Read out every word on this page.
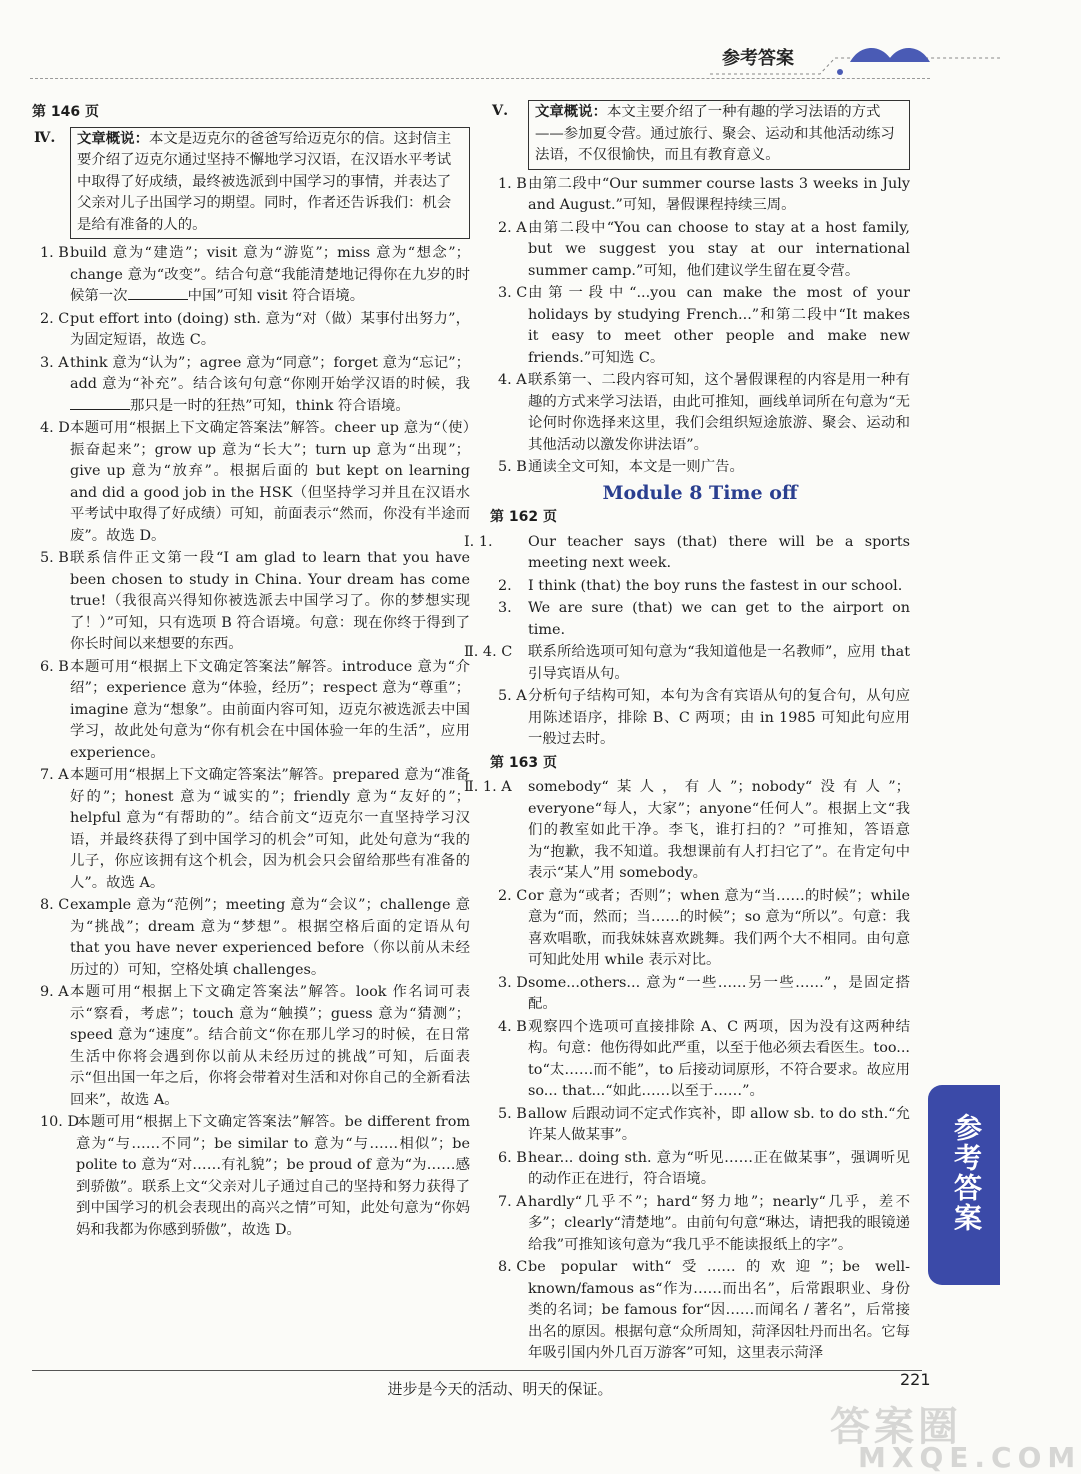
参考答案
第 146 页
Ⅳ.	文章概说：本文是迈克尔的爸爸写给迈克尔的信。这封信主要介绍了迈克尔通过坚持不懈地学习汉语，在汉语水平考试中取得了好成绩，最终被选派到中国学习的事情，并表达了父亲对儿子出国学习的期望。同时，作者还告诉我们：机会是给有准备的人的。
1. B build 意为“建造”；visit 意为“游览”；miss 意为“想念”；change 意为“改变”。结合句意“我能清楚地记得你在九岁的时候第一次	中国”可知 visit 符合语境。
2. C put effort into (doing) sth. 意为“对（做）某事付出努力”，为固定短语，故选 C。
3. A think 意为“认为”；agree 意为“同意”；forget 意为“忘记”；add 意为“补充”。结合该句句意“你刚开始学汉语的时候，我那只是一时的狂热”可知，think 符合语境。
4. D 本题可用“根据上下文确定答案法”解答。cheer up 意为“（使）振奋起来”；grow up 意为“长大”；turn up 意为“出现”；give up 意为“放弃”。根据后面的 but kept on learning and did a good job in the HSK（但坚持学习并且在汉语水平考试中取得了好成绩）可知，前面表示“然而，你没有半途而废”。故选 D。
5. B 联系信件正文第一段“I am glad to learn that you have been chosen to study in China. Your dream has come true!（我很高兴得知你被选派去中国学习了。你的梦想实现了！）”可知，只有选项 B 符合语境。句意：现在你终于得到了你长时间以来想要的东西。
6. B 本题可用“根据上下文确定答案法”解答。introduce 意为“介绍”；experience 意为“体验，经历”；respect 意为“尊重”；imagine 意为“想象”。由前面内容可知，迈克尔被选派去中国学习，故此处句意为“你有机会在中国体验一年的生活”，应用 experience。
7. A 本题可用“根据上下文确定答案法”解答。prepared 意为“准备好的”；honest 意为“诚实的”；friendly 意为“友好的”；helpful 意为“有帮助的”。结合前文“迈克尔一直坚持学习汉语，并最终获得了到中国学习的机会”可知，此处句意为“我的儿子，你应该拥有这个机会，因为机会只会留给那些有准备的人”。故选 A。
8. C example 意为“范例”；meeting 意为“会议”；challenge 意为“挑战”；dream 意为“梦想”。根据空格后面的定语从句 that you have never experienced before（你以前从未经历过的）可知，空格处填 challenges。
9. A 本题可用“根据上下文确定答案法”解答。look 作名词可表示“察看，考虑”；touch 意为“触摸”；guess 意为“猜测”；speed 意为“速度”。结合前文“你在那儿学习的时候，在日常生活中你将会遇到你以前从未经历过的挑战”可知，后面表示“但出国一年之后，你将会带着对生活和对你自己的全新看法回来”，故选 A。
10. D
本题可用“根据上下文确定答案法”解答。be different from 意为“与……不同”；be similar to 意为“与……相似”；be polite to 意为“对……有礼貌”；be proud of 意为“为……感到骄傲”。联系上文“父亲对儿子通过自己的坚持和努力获得了到中国学习的机会表现出的高兴之情”可知，此处句意为“你妈妈和我都为你感到骄傲”，故选 D。
Ⅴ.	文章概说：本文主要介绍了一种有趣的学习法语的方式——参加夏令营。通过旅行、聚会、运动和其他活动练习法语，不仅很愉快，而且有教育意义。
1. B 由第二段中“Our summer course lasts 3 weeks in July and August.”可知，暑假课程持续三周。
2. A 由第二段中“You can choose to stay at a host family, but we suggest you stay at our international summer camp.”可知，他们建议学生留在夏令营。
3. C 由第一段中“...you can make the most of your holidays by studying French...”和第二段中“It makes it easy to meet other people and make new friends.”可知选 C。
4. A 联系第一、二段内容可知，这个暑假课程的内容是用一种有趣的方式来学习法语，由此可推知，画线单词所在句意为“无论何时你选择来这里，我们会组织短途旅游、聚会、运动和其他活动以激发你讲法语”。
5. B 通读全文可知，本文是一则广告。
Module 8 Time off
第 162 页
Ⅰ. 1. Our teacher says (that) there will be a sports meeting next week.
2. I think (that) the boy runs the fastest in our school.
3. We are sure (that) we can get to the airport on time.
Ⅱ. 4. C 联系所给选项可知句意为“我知道他是一名教师”，应用 that 引导宾语从句。
5. A 分析句子结构可知，本句为含有宾语从句的复合句，从句应用陈述语序，排除 B、C 两项；由 in 1985 可知此句应用一般过去时。
第 163 页
Ⅱ. 1. A somebody“某人，有人”；nobody“没有人”；everyone“每人，大家”；anyone“任何人”。根据上文“我们的教室如此干净。李飞，谁打扫的？”可推知，答语意为“抱歉，我不知道。我想课前有人打扫它了”。在肯定句中表示“某人”用 somebody。
2. C or 意为“或者；否则”；when 意为“当……的时候”；while 意为“而，然而；当……的时候”；so 意为“所以”。句意：我喜欢唱歌，而我妹妹喜欢跳舞。我们两个大不相同。由句意可知此处用 while 表示对比。
3. D some...others... 意为“一些……另一些……”，是固定搭配。
4. B 观察四个选项可直接排除 A、C 两项，因为没有这两种结构。句意：他伤得如此严重，以至于他必须去看医生。too... to“太……而不能”，to 后接动词原形，不符合要求。故应用 so... that...“如此……以至于……”。
5. B allow 后跟动词不定式作宾补，即 allow sb. to do sth.“允许某人做某事”。
6. B hear... doing sth. 意为“听见……正在做某事”，强调听见的动作正在进行，符合语境。
7. A hardly“几乎不”；hard“努力地”；nearly“几乎，差不多”；clearly“清楚地”。由前句句意“琳达，请把我的眼镜递给我”可推知该句意为“我几乎不能读报纸上的字”。
8. C be popular with“受……的欢迎”；be well-known/famous as“作为……而出名”，后常跟职业、身份类的名词；be famous for“因……而闻名 / 著名”，后常接出名的原因。根据句意“众所周知，菏泽因牡丹而出名。它每年吸引国内外几百万游客”可知，这里表示菏泽
参考答案
进步是今天的活动、明天的保证。	221
答案圈
MXQE.COM
